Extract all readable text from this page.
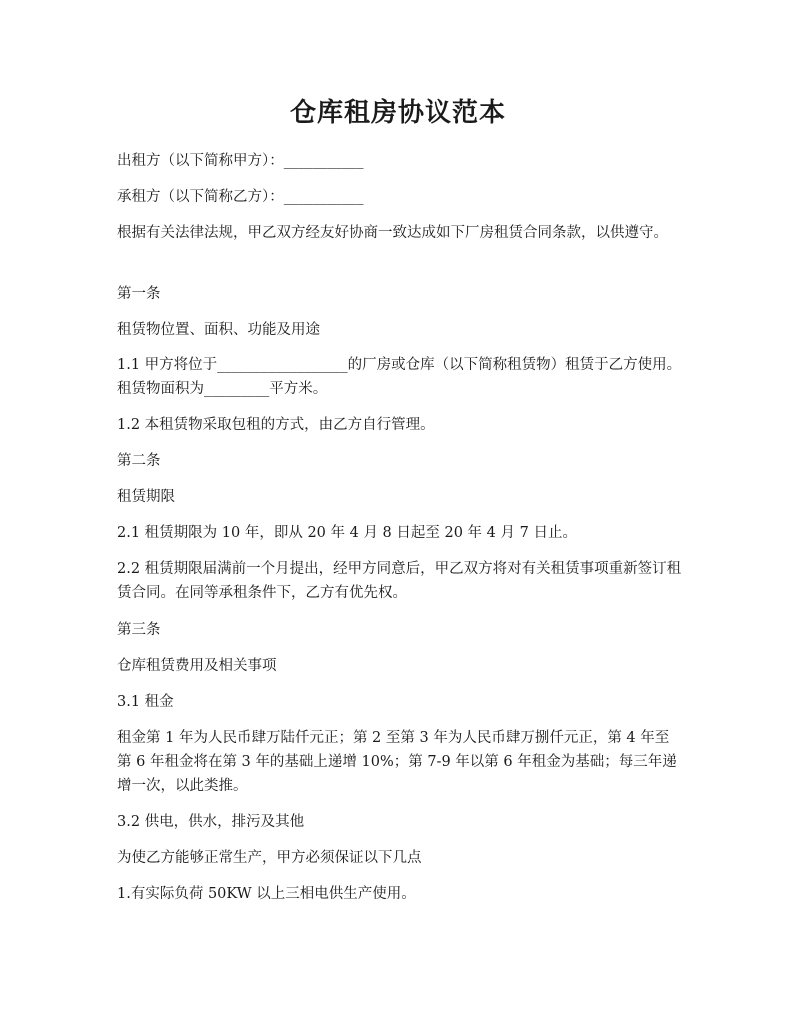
仓库租房协议范本

出租方（以下简称甲方）：___________

承租方（以下简称乙方）：___________

根据有关法律法规，甲乙双方经友好协商一致达成如下厂房租赁合同条款，以供遵守。

第一条

租赁物位置、面积、功能及用途

1.1 甲方将位于__________________的厂房或仓库（以下简称租赁物）租赁于乙方使用。租赁物面积为_________平方米。

1.2 本租赁物采取包租的方式，由乙方自行管理。

第二条

租赁期限

2.1 租赁期限为 10 年，即从 20 年 4 月 8 日起至 20 年 4 月 7 日止。

2.2 租赁期限届满前一个月提出，经甲方同意后，甲乙双方将对有关租赁事项重新签订租赁合同。在同等承租条件下，乙方有优先权。

第三条

仓库租赁费用及相关事项

3.1 租金

租金第 1 年为人民币肆万陆仟元正；第 2 至第 3 年为人民币肆万捌仟元正，第 4 年至第 6 年租金将在第 3 年的基础上递增 10%；第 7-9 年以第 6 年租金为基础；每三年递增一次，以此类推。

3.2 供电，供水，排污及其他

为使乙方能够正常生产，甲方必须保证以下几点

1.有实际负荷 50KW 以上三相电供生产使用。
